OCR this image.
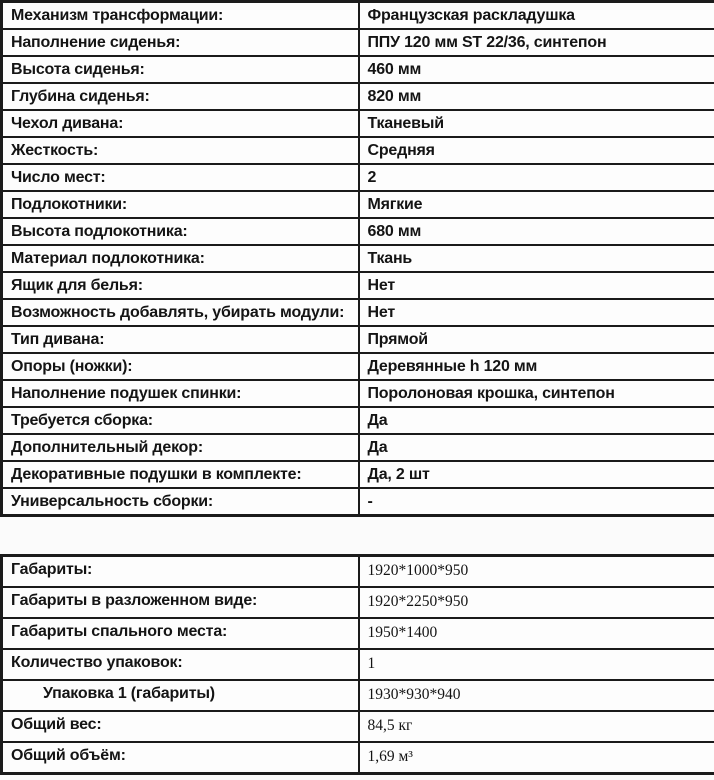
Механизм трансформации:	Французская раскладушка
Наполнение сиденья:	ППУ 120 мм ST 22/36, синтепон
Высота сиденья:	460 мм
Глубина сиденья:	820 мм
Чехол дивана:	Тканевый
Жесткость:	Средняя
Число мест:	2
Подлокотники:	Мягкие
Высота подлокотника:	680 мм
Материал подлокотника:	Ткань
Ящик для белья:	Нет
Возможность добавлять, убирать модули:	Нет
Тип дивана:	Прямой
Опоры (ножки):	Деревянные h 120 мм
Наполнение подушек спинки:	Поролоновая крошка, синтепон
Требуется сборка:	Да
Дополнительный декор:	Да
Декоративные подушки в комплекте:	Да, 2 шт
Универсальность сборки:	-
Габариты:	1920*1000*950
Габариты в разложенном виде:	1920*2250*950
Габариты спального места:	1950*1400
Количество упаковок:	1
Упаковка 1 (габариты)	1930*930*940
Общий вес:	84,5 кг
Общий объём:	1,69 м³
